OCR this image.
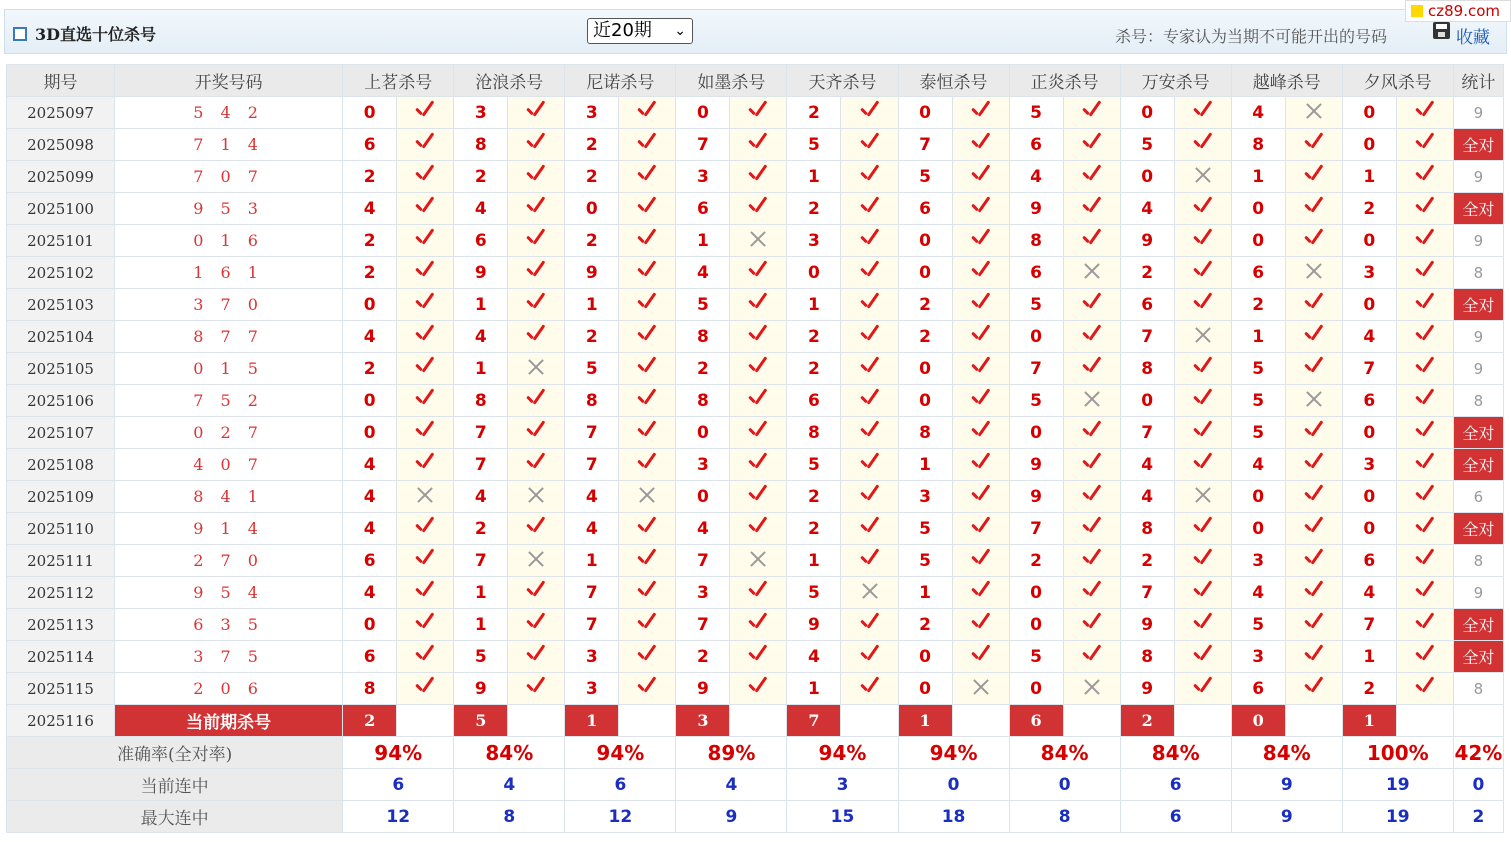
3D直选十位杀号	近20期 ⌄	杀号：专家认为当期不可能开出的号码	收藏
cz89.com
期号	开奖号码	上茗杀号		沧浪杀号		尼诺杀号		如墨杀号		天齐杀号		泰恒杀号		正炎杀号		万安杀号		越峰杀号		夕风杀号		统计
2025097	5 4 2	0		3		3		0		2		0		5		0		4		0		9
2025098	7 1 4	6		8		2		7		5		7		6		5		8		0		全对
2025099	7 0 7	2		2		2		3		1		5		4		0		1		1		9
2025100	9 5 3	4		4		0		6		2		6		9		4		0		2		全对
2025101	0 1 6	2		6		2		1		3		0		8		9		0		0		9
2025102	1 6 1	2		9		9		4		0		0		6		2		6		3		8
2025103	3 7 0	0		1		1		5		1		2		5		6		2		0		全对
2025104	8 7 7	4		4		2		8		2		2		0		7		1		4		9
2025105	0 1 5	2		1		5		2		2		0		7		8		5		7		9
2025106	7 5 2	0		8		8		8		6		0		5		0		5		6		8
2025107	0 2 7	0		7		7		0		8		8		0		7		5		0		全对
2025108	4 0 7	4		7		7		3		5		1		9		4		4		3		全对
2025109	8 4 1	4		4		4		0		2		3		9		4		0		0		6
2025110	9 1 4	4		2		4		4		2		5		7		8		0		0		全对
2025111	2 7 0	6		7		1		7		1		5		2		2		3		6		8
2025112	9 5 4	4		1		7		3		5		1		0		7		4		4		9
2025113	6 3 5	0		1		7		7		9		2		0		9		5		7		全对
2025114	3 7 5	6		5		3		2		4		0		5		8		3		1		全对
2025115	2 0 6	8		9		3		9		1		0		0		9		6		2		8
2025116	当前期杀号	2		5		1		3		7		1		6		2		0		1		
准确率(全对率)		94%		84%		94%		89%		94%		94%		84%		84%		84%		100%		42%
当前连中		6		4		6		4		3		0		0		6		9		19		0
最大连中		12		8		12		9		15		18		8		6		9		19		2
